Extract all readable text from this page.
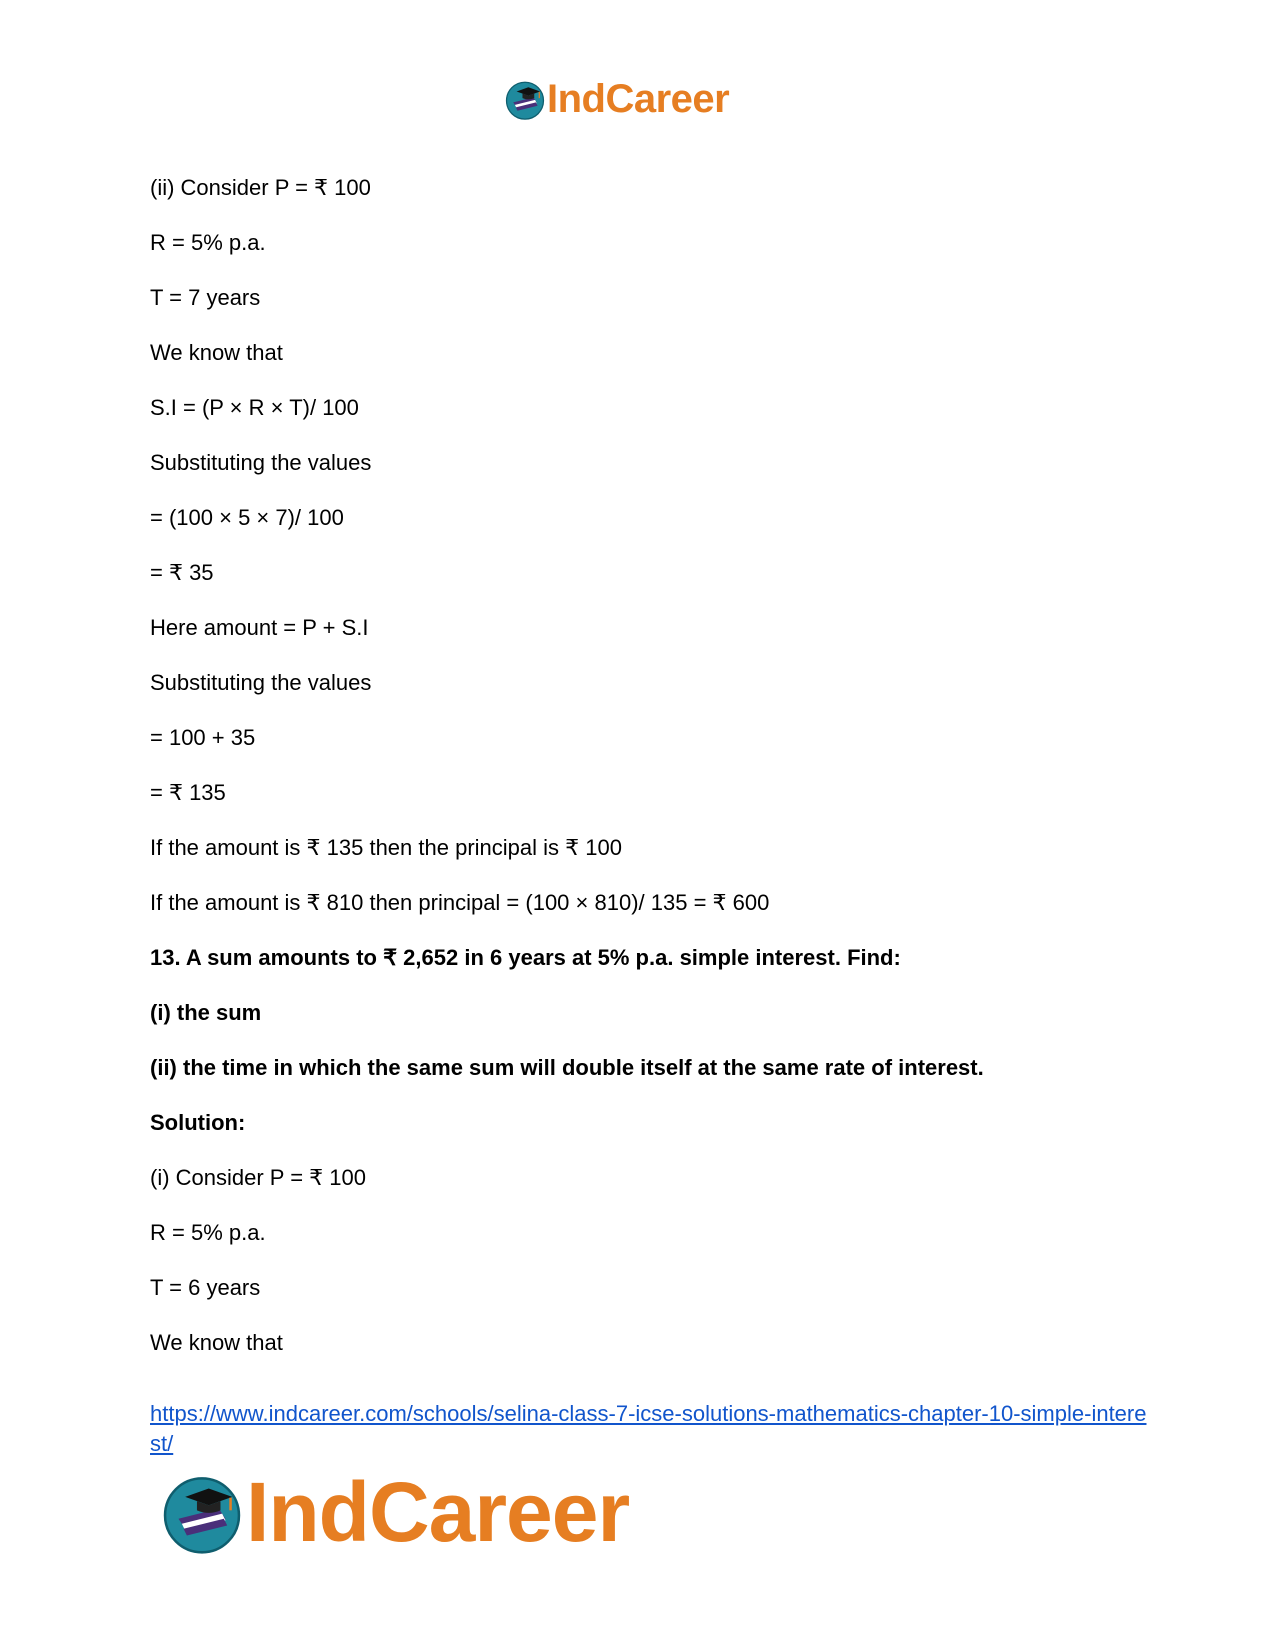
IndCareer
(ii) Consider P = ₹ 100
R = 5% p.a.
T = 7 years
We know that
S.I = (P × R × T)/ 100
Substituting the values
= (100 × 5 × 7)/ 100
= ₹ 35
Here amount = P + S.I
Substituting the values
= 100 + 35
= ₹ 135
If the amount is ₹ 135 then the principal is ₹ 100
If the amount is ₹ 810 then principal = (100 × 810)/ 135 = ₹ 600
13. A sum amounts to ₹ 2,652 in 6 years at 5% p.a. simple interest. Find:
(i) the sum
(ii) the time in which the same sum will double itself at the same rate of interest.
Solution:
(i) Consider P = ₹ 100
R = 5% p.a.
T = 6 years
We know that
https://www.indcareer.com/schools/selina-class-7-icse-solutions-mathematics-chapter-10-simple-interest/
IndCareer
